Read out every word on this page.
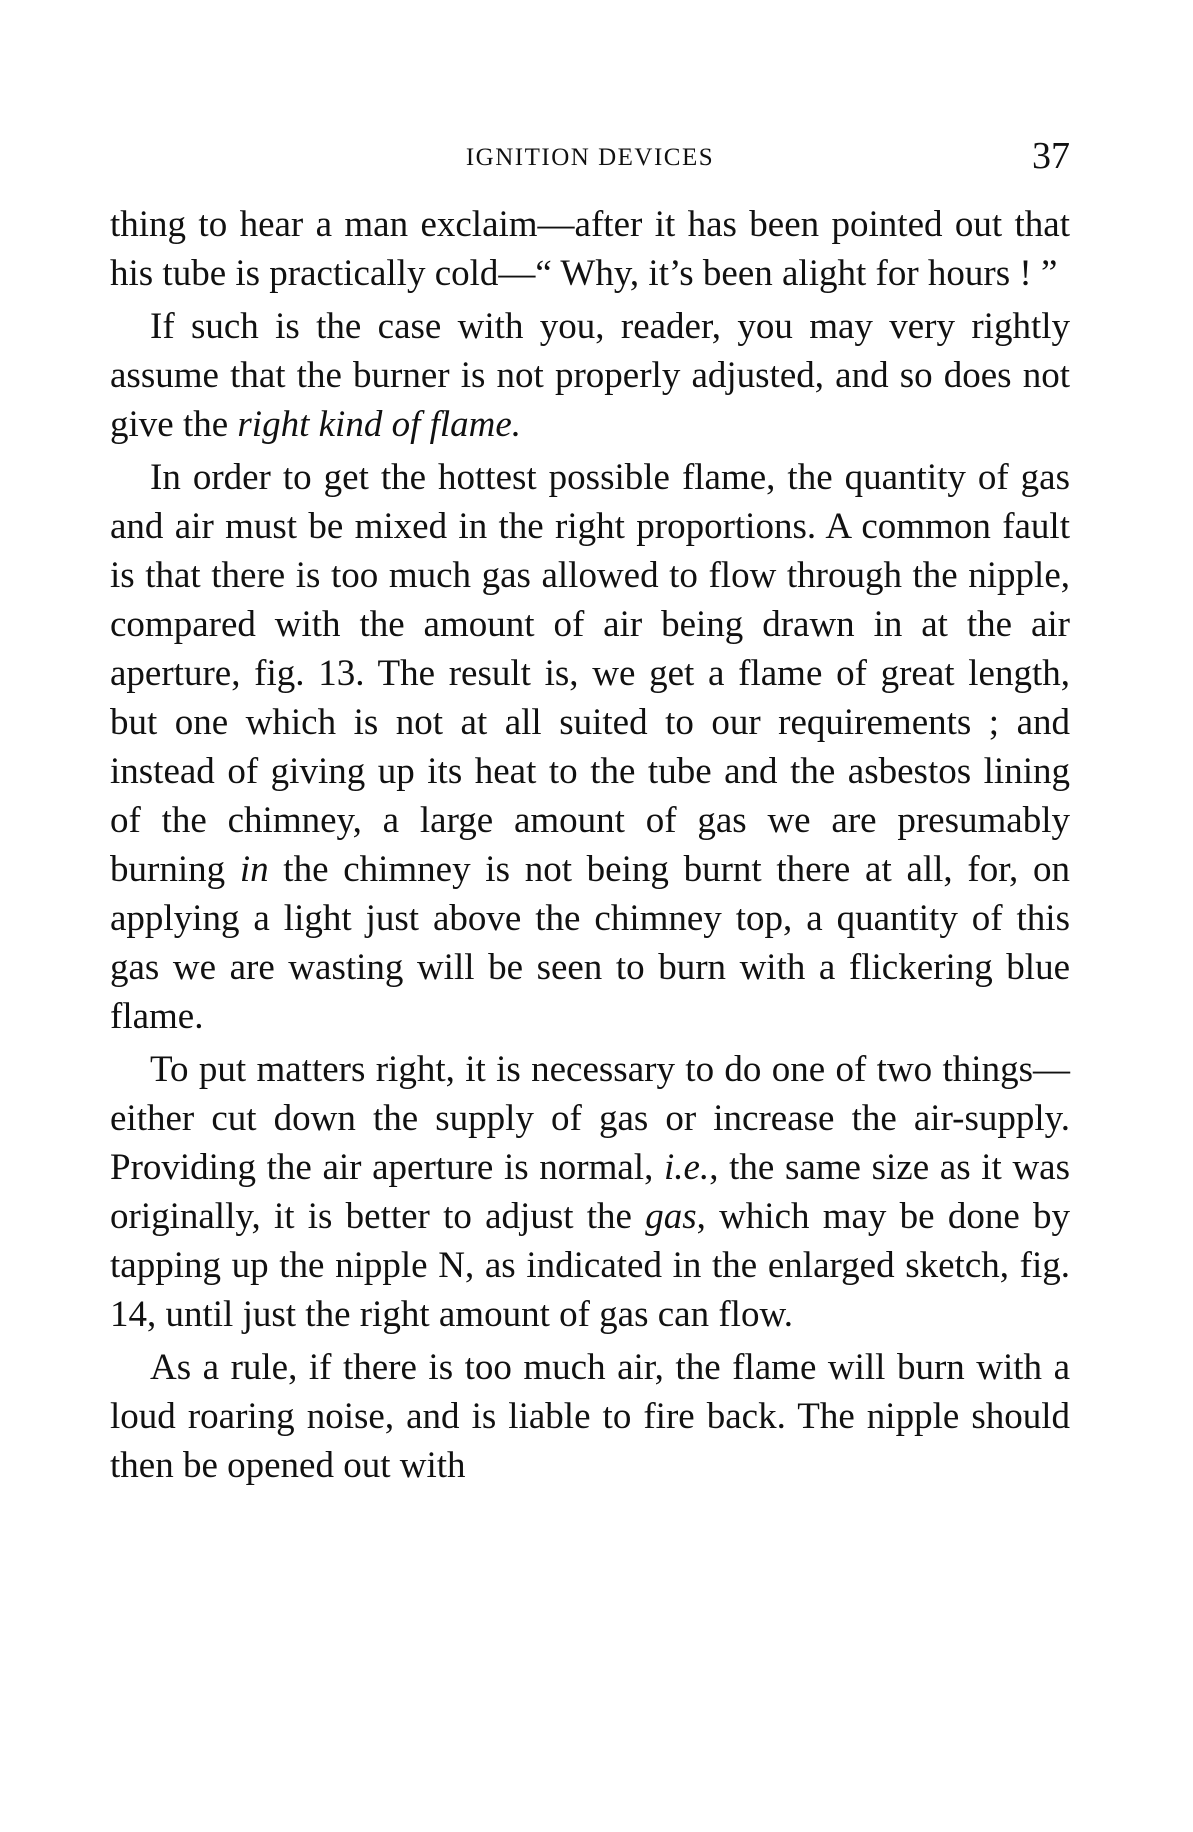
IGNITION DEVICES	37

thing to hear a man exclaim—after it has been pointed out that his tube is practically cold—“ Why, it’s been alight for hours ! ”

If such is the case with you, reader, you may very rightly assume that the burner is not properly adjusted, and so does not give the right kind of flame.

In order to get the hottest possible flame, the quantity of gas and air must be mixed in the right proportions. A common fault is that there is too much gas allowed to flow through the nipple, compared with the amount of air being drawn in at the air aperture, fig. 13. The result is, we get a flame of great length, but one which is not at all suited to our requirements ; and instead of giving up its heat to the tube and the asbestos lining of the chimney, a large amount of gas we are presumably burning in the chimney is not being burnt there at all, for, on applying a light just above the chimney top, a quantity of this gas we are wasting will be seen to burn with a flickering blue flame.

To put matters right, it is necessary to do one of two things—either cut down the supply of gas or increase the air-supply. Providing the air aperture is normal, i.e., the same size as it was originally, it is better to adjust the gas, which may be done by tapping up the nipple N, as indicated in the enlarged sketch, fig. 14, until just the right amount of gas can flow.

As a rule, if there is too much air, the flame will burn with a loud roaring noise, and is liable to fire back. The nipple should then be opened out with
